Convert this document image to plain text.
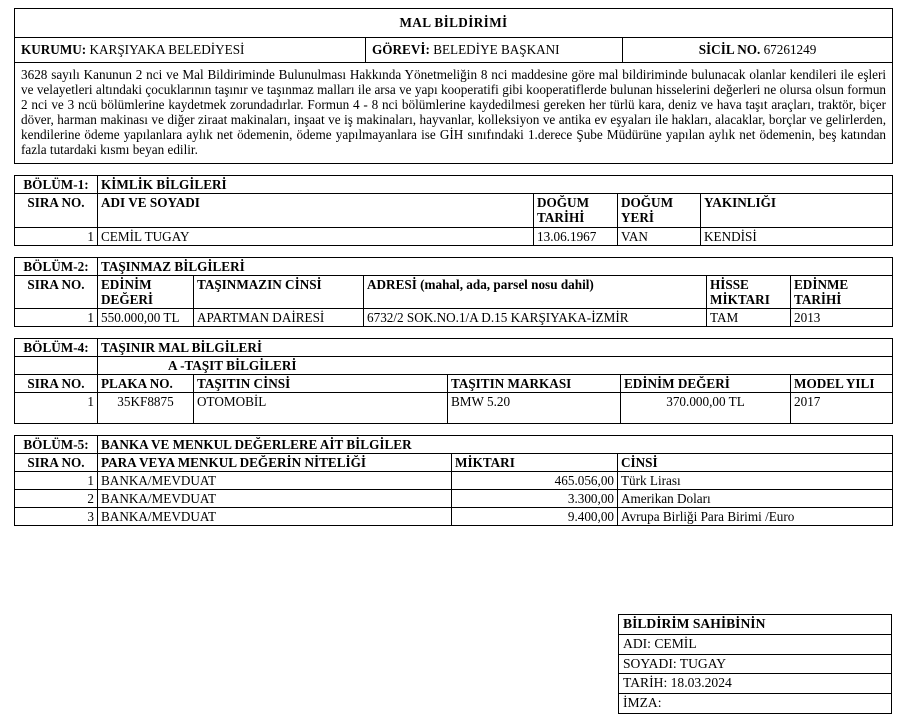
MAL BİLDİRİMİ
KURUMU: KARŞIYAKA BELEDİYESİ	GÖREVİ: BELEDİYE BAŞKANI	SİCİL NO. 67261249
3628 sayılı Kanunun 2 nci ve Mal Bildiriminde Bulunulması Hakkında Yönetmeliğin 8 nci maddesine göre mal bildiriminde bulunacak olanlar kendileri ile eşleri ve velayetleri altındaki çocuklarının taşınır ve taşınmaz malları ile arsa ve yapı kooperatifi gibi kooperatiflerde bulunan hisselerini değerleri ne olursa olsun formun 2 nci ve 3 ncü bölümlerine kaydetmek zorundadırlar. Formun 4 - 8 nci bölümlerine kaydedilmesi gereken her türlü kara, deniz ve hava taşıt araçları, traktör, biçer döver, harman makinası ve diğer ziraat makinaları, inşaat ve iş makinaları, hayvanlar, kolleksiyon ve antika ev eşyaları ile hakları, alacaklar, borçlar ve gelirlerden, kendilerine ödeme yapılanlara aylık net ödemenin, ödeme yapılmayanlara ise GİH sınıfındaki 1.derece Şube Müdürüne yapılan aylık net ödemenin, beş katından fazla tutardaki kısmı beyan edilir.
BÖLÜM-1:	KİMLİK BİLGİLERİ			
SIRA NO.	ADI VE SOYADI	DOĞUM TARİHİ	DOĞUM YERİ	YAKINLIĞI
1	CEMİL TUGAY	13.06.1967	VAN	KENDİSİ
BÖLÜM-2:	TAŞINMAZ BİLGİLERİ				
SIRA NO.	EDİNİM DEĞERİ	TAŞINMAZIN CİNSİ	ADRESİ (mahal, ada, parsel nosu dahil)	HİSSE MİKTARI	EDİNME TARİHİ
1	550.000,00 TL	APARTMAN DAİRESİ	6732/2 SOK.NO.1/A D.15 KARŞIYAKA-İZMİR	TAM	2013
BÖLÜM-4:	TAŞINIR MAL BİLGİLERİ				
	A -TAŞIT BİLGİLERİ				
SIRA NO.	PLAKA NO.	TAŞITIN CİNSİ	TAŞITIN MARKASI	EDİNİM DEĞERİ	MODEL YILI
1	35KF8875	OTOMOBİL	BMW 5.20	370.000,00 TL	2017
BÖLÜM-5:	BANKA VE MENKUL DEĞERLERE AİT BİLGİLER		
SIRA NO.	PARA VEYA MENKUL DEĞERİN NİTELİĞİ	MİKTARI	CİNSİ
1	BANKA/MEVDUAT	465.056,00	Türk Lirası
2	BANKA/MEVDUAT	3.300,00	Amerikan Doları
3	BANKA/MEVDUAT	9.400,00	Avrupa Birliği Para Birimi /Euro
BİLDİRİM SAHİBİNİN
ADI: CEMİL
SOYADI: TUGAY
TARİH: 18.03.2024
İMZA:
